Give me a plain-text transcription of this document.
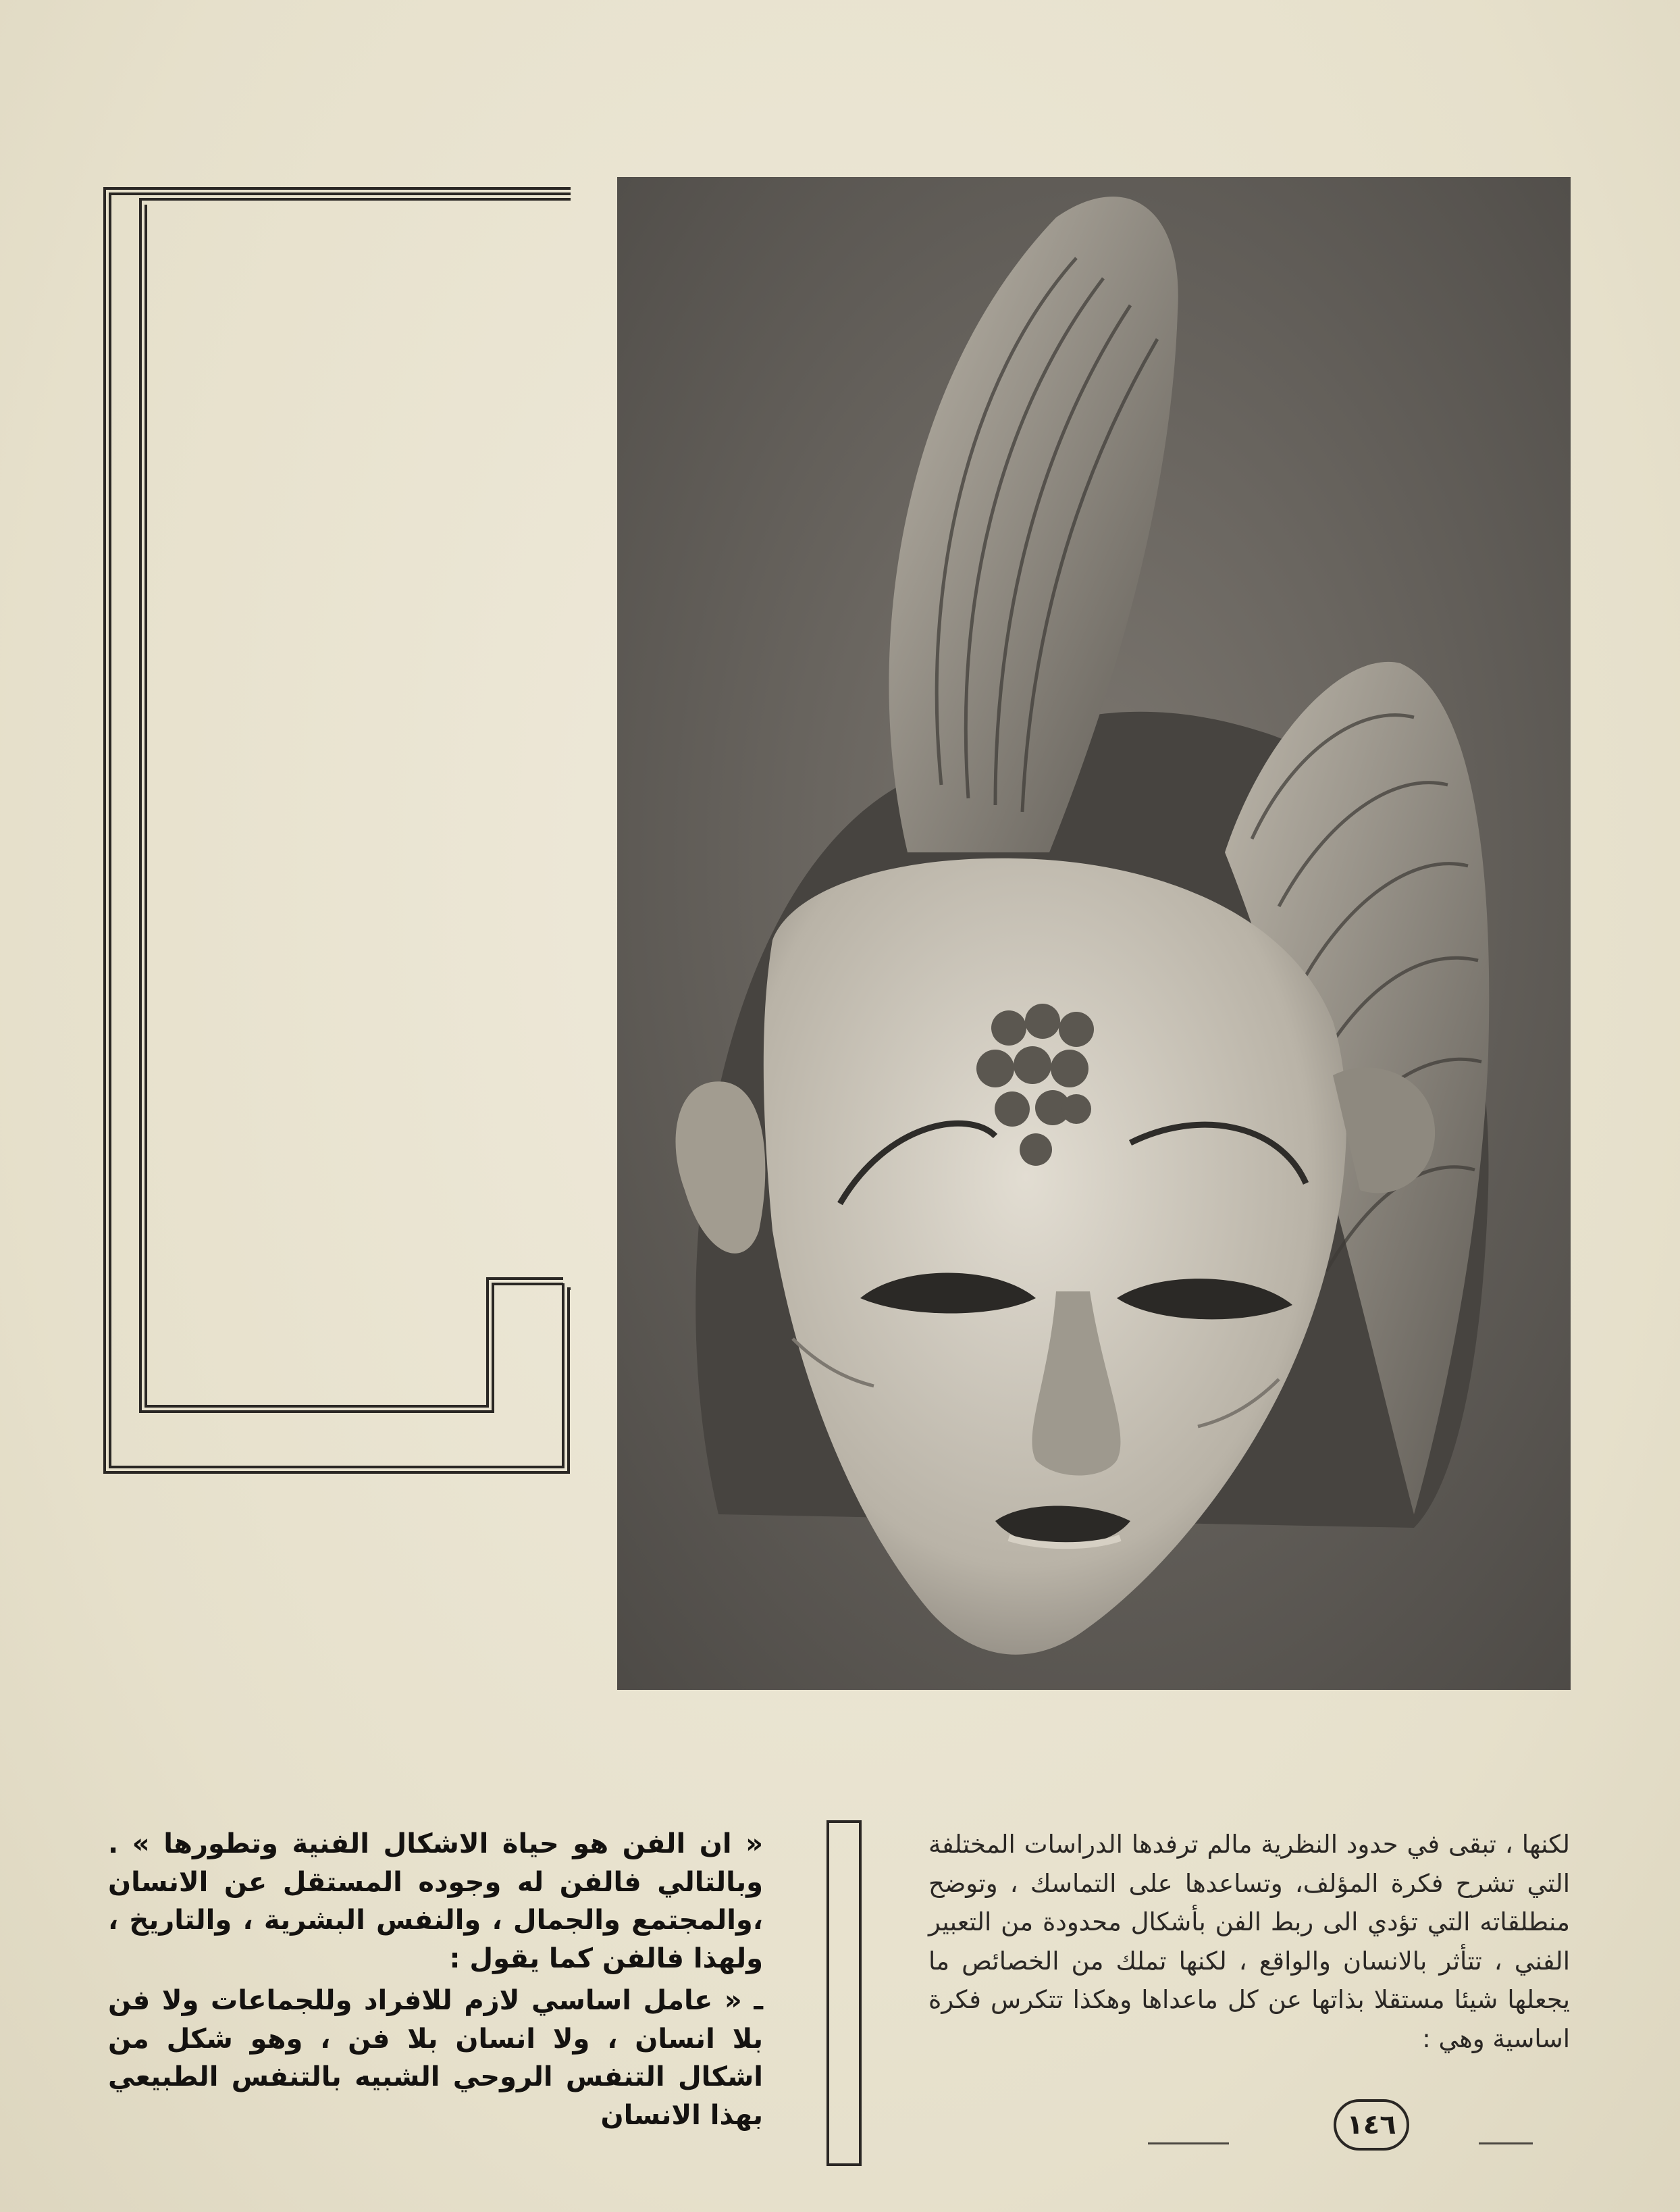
« ان الفن هو حياة الاشكال الفنية وتطورها » . وبالتالي فالفن له وجوده المستقل عن الانسان ،والمجتمع والجمال ، والنفس البشرية ، والتاريخ ، ولهذا فالفن كما يقول :

ـ « عامل اساسي لازم للافراد وللجماعات ولا فن بلا انسان ، ولا انسان بلا فن ، وهو شكل من اشكال التنفس الروحي الشبيه بالتنفس الطبيعي بهذا الانسان

لكنها ، تبقى في حدود النظرية مالم ترفدها الدراسات المختلفة التي تشرح فكرة المؤلف، وتساعدها على التماسك ، وتوضح منطلقاته التي تؤدي الى ربط الفن بأشكال محدودة من التعبير الفني ، تتأثر بالانسان والواقع ، لكنها تملك من الخصائص ما يجعلها شيئا مستقلا بذاتها عن كل ماعداها وهكذا تتكرس فكرة اساسية وهي :

١٤٦
